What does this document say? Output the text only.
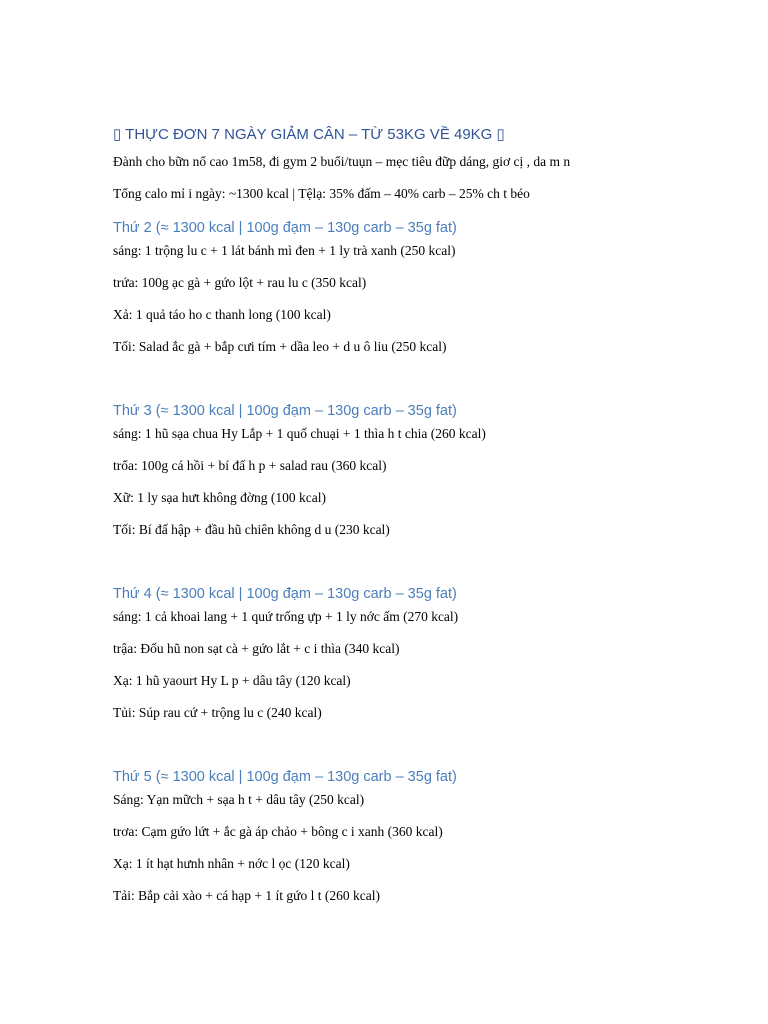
▯ THỰC ĐƠN 7 NGÀY GIẢM CÂN – TỪ 53KG VỀ 49KG ▯

Đành cho bữn nổ cao 1m58, đi gym 2 buổi/tuụn – mẹc tiêu đữp dáng, giơ cị , da m n

Tổng calo mỉ i ngày: ~1300 kcal | Tệlạ: 35% đấm – 40% carb – 25% ch t béo

Thứ 2 (≈ 1300 kcal | 100g đạm – 130g carb – 35g fat)

sáng: 1 trộng lu c + 1 lát bánh mì đen + 1 ly trà xanh (250 kcal)

trứa: 100g ạc gà + gứo lột + rau lu c (350 kcal)

Xả: 1 quả táo ho c thanh long (100 kcal)

Tối: Salad ắc gà + bắp cưi tím + dầa leo + d u ô liu (250 kcal)

Thứ 3 (≈ 1300 kcal | 100g đạm – 130g carb – 35g fat)

sáng: 1 hũ sạa chua Hy Lắp + 1 quố chuại + 1 thìa h t chia (260 kcal)

trổa: 100g cá hồi + bí đấ h p + salad rau (360 kcal)

Xữ: 1 ly sạa hưt không đờng (100 kcal)

Tối: Bí đấ hập + đầu hũ chiên không d u (230 kcal)

Thứ 4 (≈ 1300 kcal | 100g đạm – 130g carb – 35g fat)

sáng: 1 cả khoai lang + 1 quứ trống ựp + 1 ly nớc ấm (270 kcal)

trậa: Đốu hũ non sạt cà + gứo lắt + c i thìa (340 kcal)

Xạ: 1 hũ yaourt Hy L p + dâu tây (120 kcal)

Tủi: Súp rau cứ + trộng lu c (240 kcal)

Thứ 5 (≈ 1300 kcal | 100g đạm – 130g carb – 35g fat)

Sáng: Yạn mữch + sạa h t + dâu tây (250 kcal)

trơa: Cạm gứo lứt + ắc gà áp chảo + bông c i xanh (360 kcal)

Xạ: 1 ít hạt hưnh nhân + nớc l ọc (120 kcal)

Tải: Bắp cải xào + cá hạp + 1 ít gứo l t (260 kcal)
